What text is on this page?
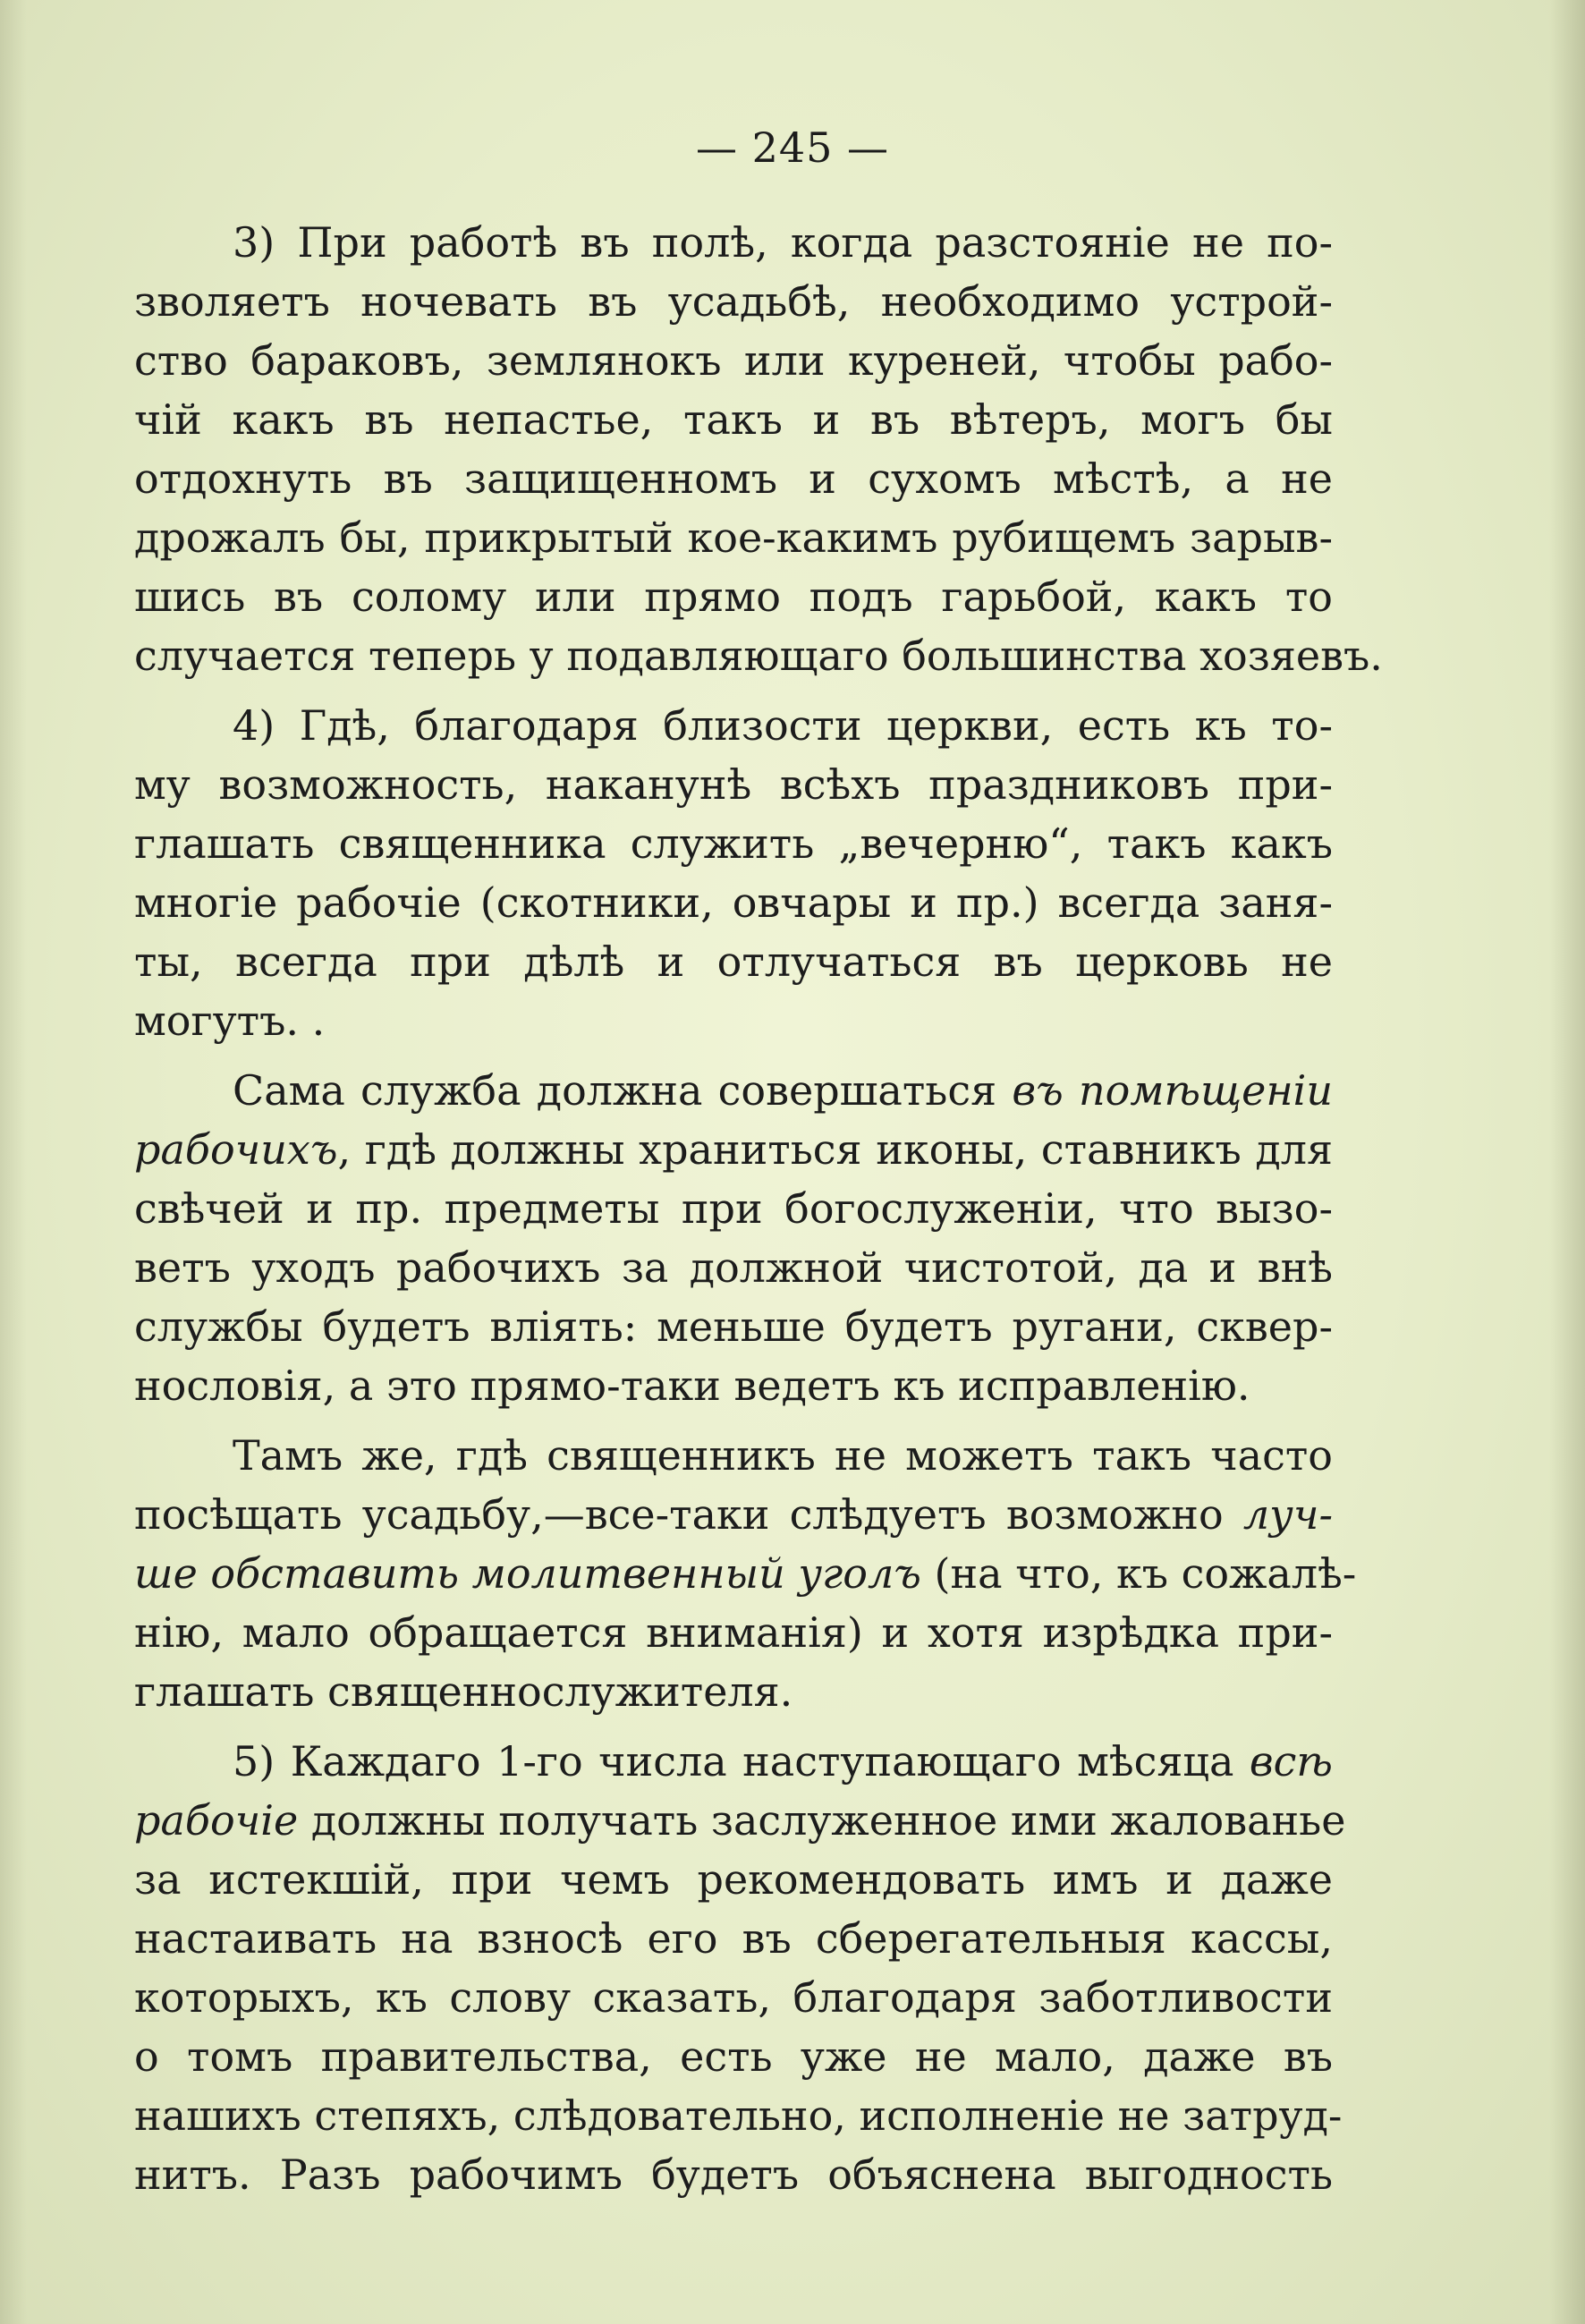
— 245 —
3) При работѣ въ полѣ, когда разстояніе не по-
зволяетъ ночевать въ усадьбѣ, необходимо устрой-
ство бараковъ, землянокъ или куреней, чтобы рабо-
чій какъ въ непастье, такъ и въ вѣтеръ, могъ бы
отдохнуть въ защищенномъ и сухомъ мѣстѣ, а не
дрожалъ бы, прикрытый кое-какимъ рубищемъ зарыв-
шись въ солому или прямо подъ гарьбой, какъ то
случается теперь у подавляющаго большинства хозяевъ.
4) Гдѣ, благодаря близости церкви, есть къ то-
му возможность, наканунѣ всѣхъ праздниковъ при-
глашать священника служить „вечерню“, такъ какъ
многіе рабочіе (скотники, овчары и пр.) всегда заня-
ты, всегда при дѣлѣ и отлучаться въ церковь не
могутъ. .
Сама служба должна совершаться въ помѣщеніи
рабочихъ, гдѣ должны храниться иконы, ставникъ для
свѣчей и пр. предметы при богослуженіи, что вызо-
ветъ уходъ рабочихъ за должной чистотой, да и внѣ
службы будетъ вліять: меньше будетъ ругани, сквер-
нословія, а это прямо-таки ведетъ къ исправленію.
Тамъ же, гдѣ священникъ не можетъ такъ часто
посѣщать усадьбу,—все-таки слѣдуетъ возможно луч-
ше обставить молитвенный уголъ (на что, къ сожалѣ-
нію, мало обращается вниманія) и хотя изрѣдка при-
глашать священнослужителя.
5) Каждаго 1-го числа наступающаго мѣсяца всѣ
рабочіе должны получать заслуженное ими жалованье
за истекшій, при чемъ рекомендовать имъ и даже
настаивать на взносѣ его въ сберегательныя кассы,
которыхъ, къ слову сказать, благодаря заботливости
о томъ правительства, есть уже не мало, даже въ
нашихъ степяхъ, слѣдовательно, исполненіе не затруд-
нитъ. Разъ рабочимъ будетъ объяснена выгодность
